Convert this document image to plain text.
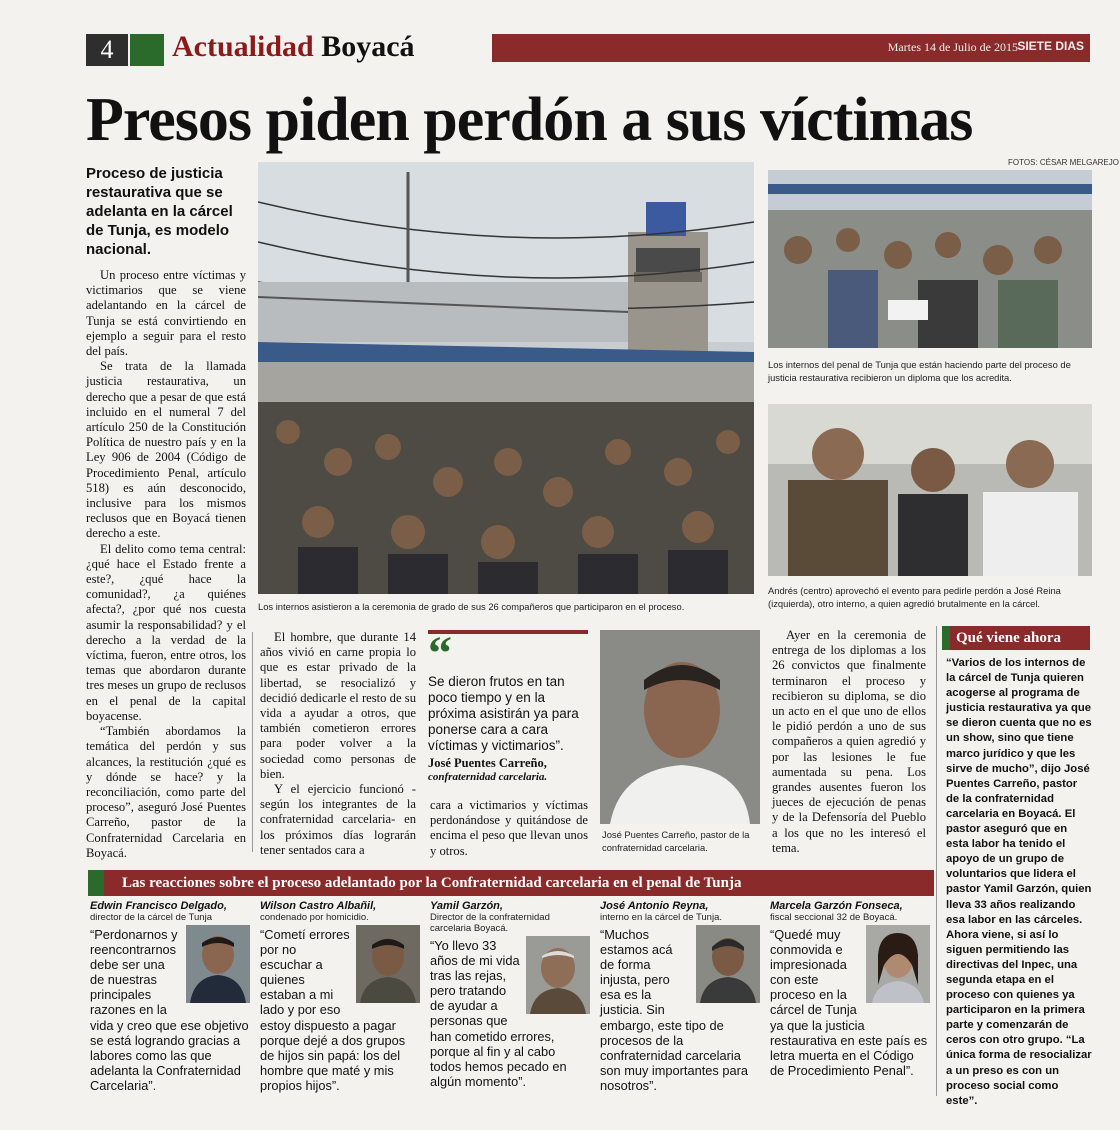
4	Actualidad Boyacá	Martes 14 de Julio de 2015 SIETE DIAS
Presos piden perdón a sus víctimas
FOTOS: CÉSAR MELGAREJO
Proceso de justicia restaurativa que se adelanta en la cárcel de Tunja, es modelo nacional.

Un proceso entre víctimas y victimarios que se viene adelantando en la cárcel de Tunja se está convirtiendo en ejemplo a seguir para el resto del país.

Se trata de la llamada justicia restaurativa, un derecho que a pesar de que está incluido en el numeral 7 del artículo 250 de la Constitución Política de nuestro país y en la Ley 906 de 2004 (Código de Procedimiento Penal, artículo 518) es aún desconocido, inclusive para los mismos reclusos que en Boyacá tienen derecho a este.

El delito como tema central: ¿qué hace el Estado frente a este?, ¿qué hace la comunidad?, ¿a quiénes afecta?, ¿por qué nos cuesta asumir la responsabilidad? y el derecho a la verdad de la víctima, fueron, entre otros, los temas que abordaron durante tres meses un grupo de reclusos en el penal de la capital boyacense.

“También abordamos la temática del perdón y sus alcances, la restitución ¿qué es y dónde se hace? y la reconciliación, como parte del proceso”, aseguró José Puentes Carreño, pastor de la Confraternidad Carcelaria en Boyacá.

Los internos asistieron a la ceremonia de grado de sus 26 compañeros que participaron en el proceso.
Los internos del penal de Tunja que están haciendo parte del proceso de justicia restaurativa recibieron un diploma que los acredita.
Andrés (centro) aprovechó el evento para pedirle perdón a José Reina (izquierda), otro interno, a quien agredió brutalmente en la cárcel.

El hombre, que durante 14 años vivió en carne propia lo que es estar privado de la libertad, se resocializó y decidió dedicarle el resto de su vida a ayudar a otros, que también cometieron errores para poder volver a la sociedad como personas de bien.

Y el ejercicio funcionó -según los integrantes de la confraternidad carcelaria- en los próximos días lograrán tener sentados cara a

“
Se dieron frutos en tan poco tiempo y en la próxima asistirán ya para ponerse cara a cara víctimas y victimarios”.
José Puentes Carreño,
confraternidad carcelaria.
cara a victimarios y víctimas perdonándose y quitándose de encima el peso que llevan unos y otros.
José Puentes Carreño, pastor de la confraternidad carcelaria.
Ayer en la ceremonia de entrega de los diplomas a los 26 convictos que finalmente terminaron el proceso y recibieron su diploma, se dio un acto en el que uno de ellos le pidió perdón a uno de sus compañeros a quien agredió y por las lesiones le fue aumentada su pena. Los grandes ausentes fueron los jueces de ejecución de penas y de la Defensoría del Pueblo a los que no les interesó el tema.
Qué viene ahora
“Varios de los internos de la cárcel de Tunja quieren acogerse al programa de justicia restaurativa ya que se dieron cuenta que no es un show, sino que tiene marco jurídico y que les sirve de mucho”, dijo José Puentes Carreño, pastor de la confraternidad carcelaria en Boyacá. El pastor aseguró que en esta labor ha tenido el apoyo de un grupo de voluntarios que lidera el pastor Yamil Garzón, quien lleva 33 años realizando esa labor en las cárceles. Ahora viene, si así lo siguen permitiendo las directivas del Inpec, una segunda etapa en el proceso con quienes ya participaron en la primera parte y comenzarán de ceros con otro grupo. “La única forma de resocializar a un preso es con un proceso social como este”.
Las reacciones sobre el proceso adelantado por la Confraternidad carcelaria en el penal de Tunja
Edwin Francisco Delgado,
director de la cárcel de Tunja
“Perdonarnos y reencontrarnos debe ser una de nuestras principales razones en la vida y creo que ese objetivo se está logrando gracias a labores como las que adelanta la Confraternidad Carcelaria”.
Wilson Castro Albañil,
condenado por homicidio.
“Cometí errores por no escuchar a quienes estaban a mi lado y por eso estoy dispuesto a pagar porque dejé a dos grupos de hijos sin papá: los del hombre que maté y mis propios hijos”.
Yamil Garzón,
Director de la confraternidad carcelaria Boyacá.
“Yo llevo 33 años de mi vida tras las rejas, pero tratando de ayudar a personas que han cometido errores, porque al fin y al cabo todos hemos pecado en algún momento”.
José Antonio Reyna,
interno en la cárcel de Tunja.
“Muchos estamos acá de forma injusta, pero esa es la justicia. Sin embargo, este tipo de procesos de la confraternidad carcelaria son muy importantes para nosotros”.
Marcela Garzón Fonseca,
fiscal seccional 32 de Boyacá.
“Quedé muy conmovida e impresionada con este proceso en la cárcel de Tunja ya que la justicia restaurativa en este país es letra muerta en el Código de Procedimiento Penal”.
